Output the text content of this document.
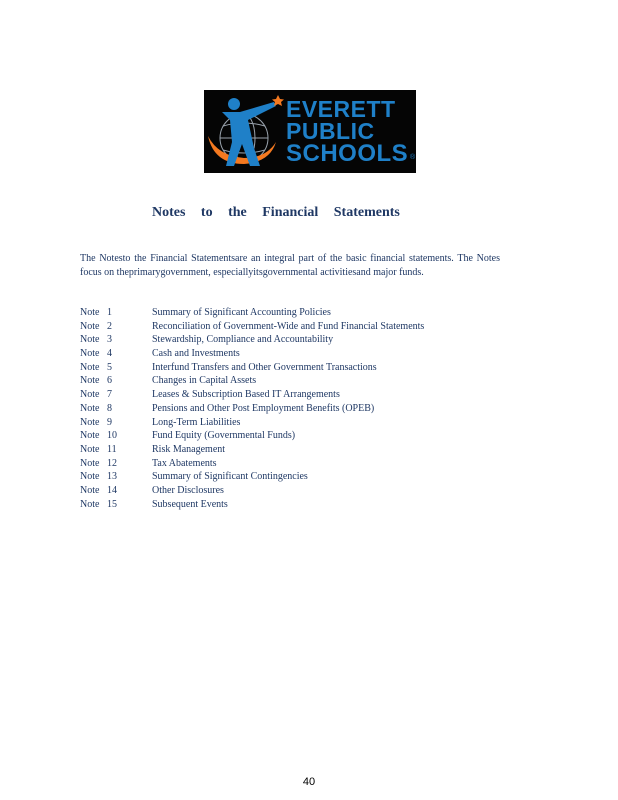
EVERETT
PUBLIC
SCHOOLS ®
Notes to the Financial Statements
The Notesto the Financial Statementsare an integral part of the basic financial statements. The Notes focus on theprimarygovernment, especiallyitsgovernmental activitiesand major funds.
Note 1	Summary of Significant Accounting Policies
Note 2	Reconciliation of Government-Wide and Fund Financial Statements
Note 3	Stewardship, Compliance and Accountability
Note 4	Cash and Investments
Note 5	Interfund Transfers and Other Government Transactions
Note 6	Changes in Capital Assets
Note 7	Leases & Subscription Based IT Arrangements
Note 8	Pensions and Other Post Employment Benefits (OPEB)
Note 9	Long-Term Liabilities
Note 10	Fund Equity (Governmental Funds)
Note 11	Risk Management
Note 12	Tax Abatements
Note 13	Summary of Significant Contingencies
Note 14	Other Disclosures
Note 15	Subsequent Events
40
